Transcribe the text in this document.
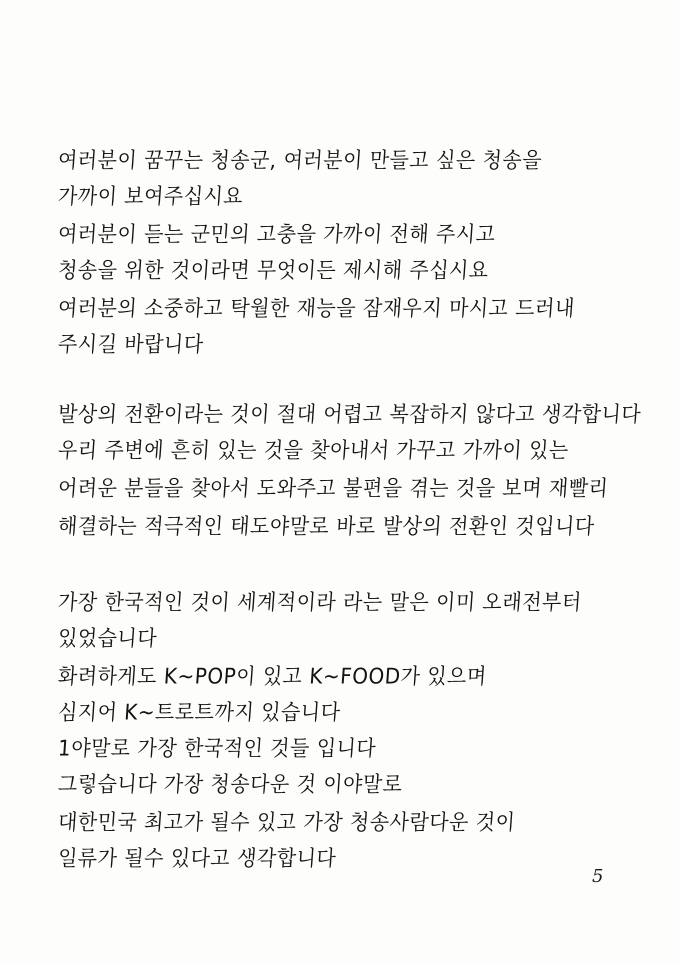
여러분이 꿈꾸는 청송군, 여러분이 만들고 싶은 청송을
가까이 보여주십시요
여러분이 듣는 군민의 고충을 가까이 전해 주시고
청송을 위한 것이라면 무엇이든 제시해 주십시요
여러분의 소중하고 탁월한 재능을 잠재우지 마시고 드러내
주시길 바랍니다
발상의 전환이라는 것이 절대 어렵고 복잡하지 않다고 생각합니다
우리 주변에 흔히 있는 것을 찾아내서 가꾸고 가까이 있는
어려운 분들을 찾아서 도와주고 불편을 겪는 것을 보며 재빨리
해결하는 적극적인 태도야말로 바로 발상의 전환인 것입니다
가장 한국적인 것이 세계적이라 라는 말은 이미 오래전부터
있었습니다
화려하게도 K~POP이 있고 K~FOOD가 있으며
심지어 K~트로트까지 있습니다
1야말로 가장 한국적인 것들 입니다
그렇습니다 가장 청송다운 것 이야말로
대한민국 최고가 될수 있고 가장 청송사람다운 것이
일류가 될수 있다고 생각합니다
5
